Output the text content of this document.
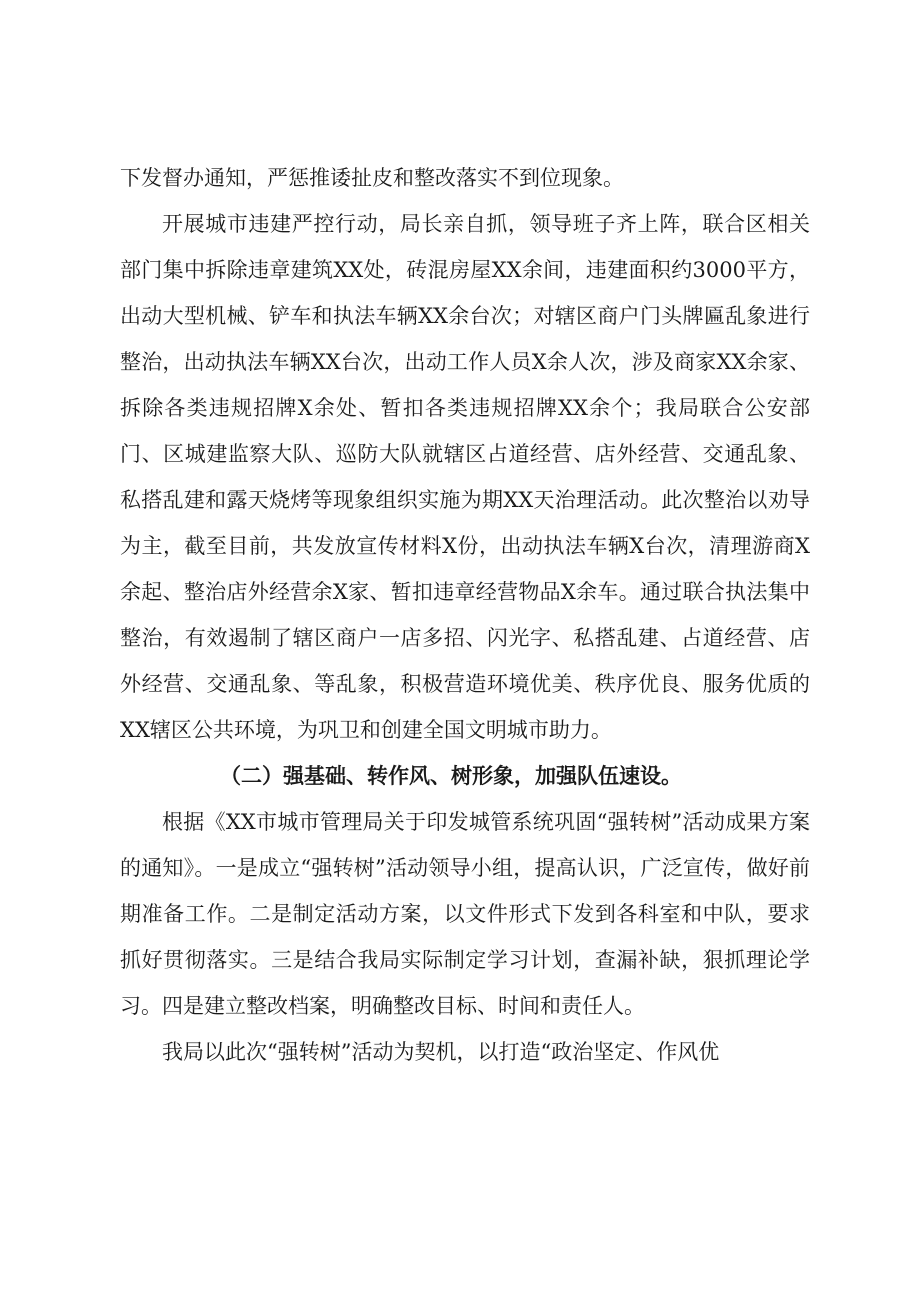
下发督办通知，严惩推诿扯皮和整改落实不到位现象。

开展城市违建严控行动，局长亲自抓，领导班子齐上阵，联合区相关部门集中拆除违章建筑XX处，砖混房屋XX余间，违建面积约3000平方，出动大型机械、铲车和执法车辆XX余台次；对辖区商户门头牌匾乱象进行整治，出动执法车辆XX台次，出动工作人员X余人次，涉及商家XX余家、拆除各类违规招牌X余处、暂扣各类违规招牌XX余个；我局联合公安部门、区城建监察大队、巡防大队就辖区占道经营、店外经营、交通乱象、私搭乱建和露天烧烤等现象组织实施为期XX天治理活动。此次整治以劝导为主，截至目前，共发放宣传材料X份，出动执法车辆X台次，清理游商X余起、整治店外经营余X家、暂扣违章经营物品X余车。通过联合执法集中整治，有效遏制了辖区商户一店多招、闪光字、私搭乱建、占道经营、店外经营、交通乱象、等乱象，积极营造环境优美、秩序优良、服务优质的XX辖区公共环境，为巩卫和创建全国文明城市助力。

（二）强基础、转作风、树形象，加强队伍速设。

根据《XX市城市管理局关于印发城管系统巩固“强转树”活动成果方案的通知》。一是成立“强转树”活动领导小组，提高认识，广泛宣传，做好前期准备工作。二是制定活动方案，以文件形式下发到各科室和中队，要求抓好贯彻落实。三是结合我局实际制定学习计划，查漏补缺，狠抓理论学习。四是建立整改档案，明确整改目标、时间和责任人。

我局以此次“强转树”活动为契机，以打造“政治坚定、作风优
